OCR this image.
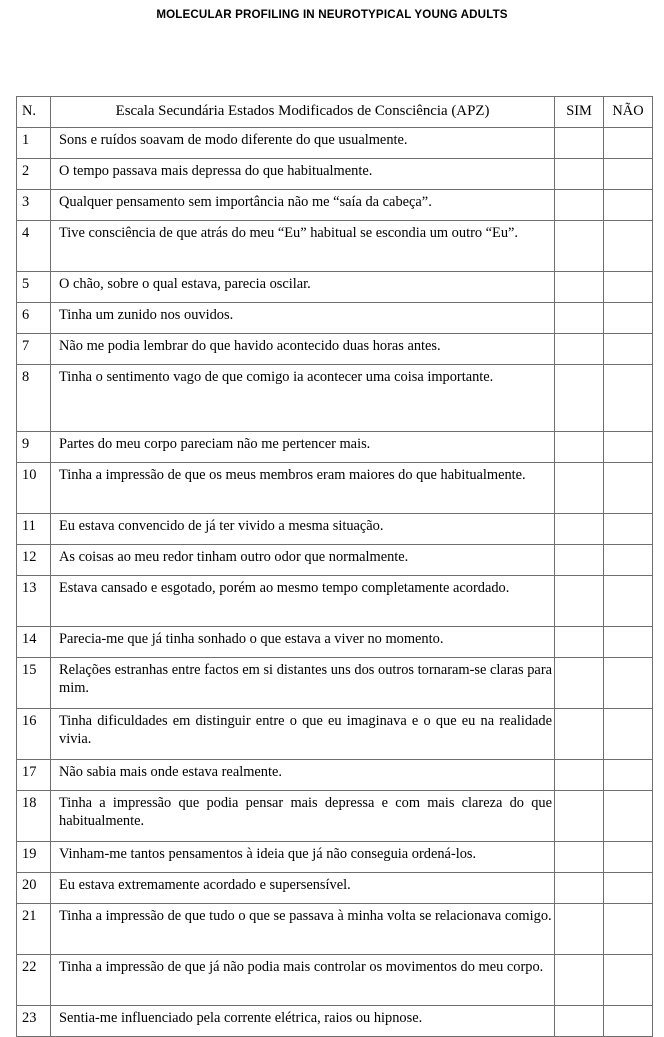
MOLECULAR PROFILING IN NEUROTYPICAL YOUNG ADULTS
N.	Escala Secundária Estados Modificados de Consciência (APZ)	SIM	NÃO
1	Sons e ruídos soavam de modo diferente do que usualmente.		
2	O tempo passava mais depressa do que habitualmente.		
3	Qualquer pensamento sem importância não me “saía da cabeça”.		
4	Tive consciência de que atrás do meu “Eu” habitual se escondia um outro “Eu”.		
5	O chão, sobre o qual estava, parecia oscilar.		
6	Tinha um zunido nos ouvidos.		
7	Não me podia lembrar do que havido acontecido duas horas antes.		
8	Tinha o sentimento vago de que comigo ia acontecer uma coisa importante.		
9	Partes do meu corpo pareciam não me pertencer mais.		
10	Tinha a impressão de que os meus membros eram maiores do que habitualmente.		
11	Eu estava convencido de já ter vivido a mesma situação.		
12	As coisas ao meu redor tinham outro odor que normalmente.		
13	Estava cansado e esgotado, porém ao mesmo tempo completamente acordado.		
14	Parecia-me que já tinha sonhado o que estava a viver no momento.		
15	Relações estranhas entre factos em si distantes uns dos outros tornaram-se claras para mim.		
16	Tinha dificuldades em distinguir entre o que eu imaginava e o que eu na realidade vivia.		
17	Não sabia mais onde estava realmente.		
18	Tinha a impressão que podia pensar mais depressa e com mais clareza do que habitualmente.		
19	Vinham-me tantos pensamentos à ideia que já não conseguia ordená-los.		
20	Eu estava extremamente acordado e supersensível.		
21	Tinha a impressão de que tudo o que se passava à minha volta se relacionava comigo.		
22	Tinha a impressão de que já não podia mais controlar os movimentos do meu corpo.		
23	Sentia-me influenciado pela corrente elétrica, raios ou hipnose.		
